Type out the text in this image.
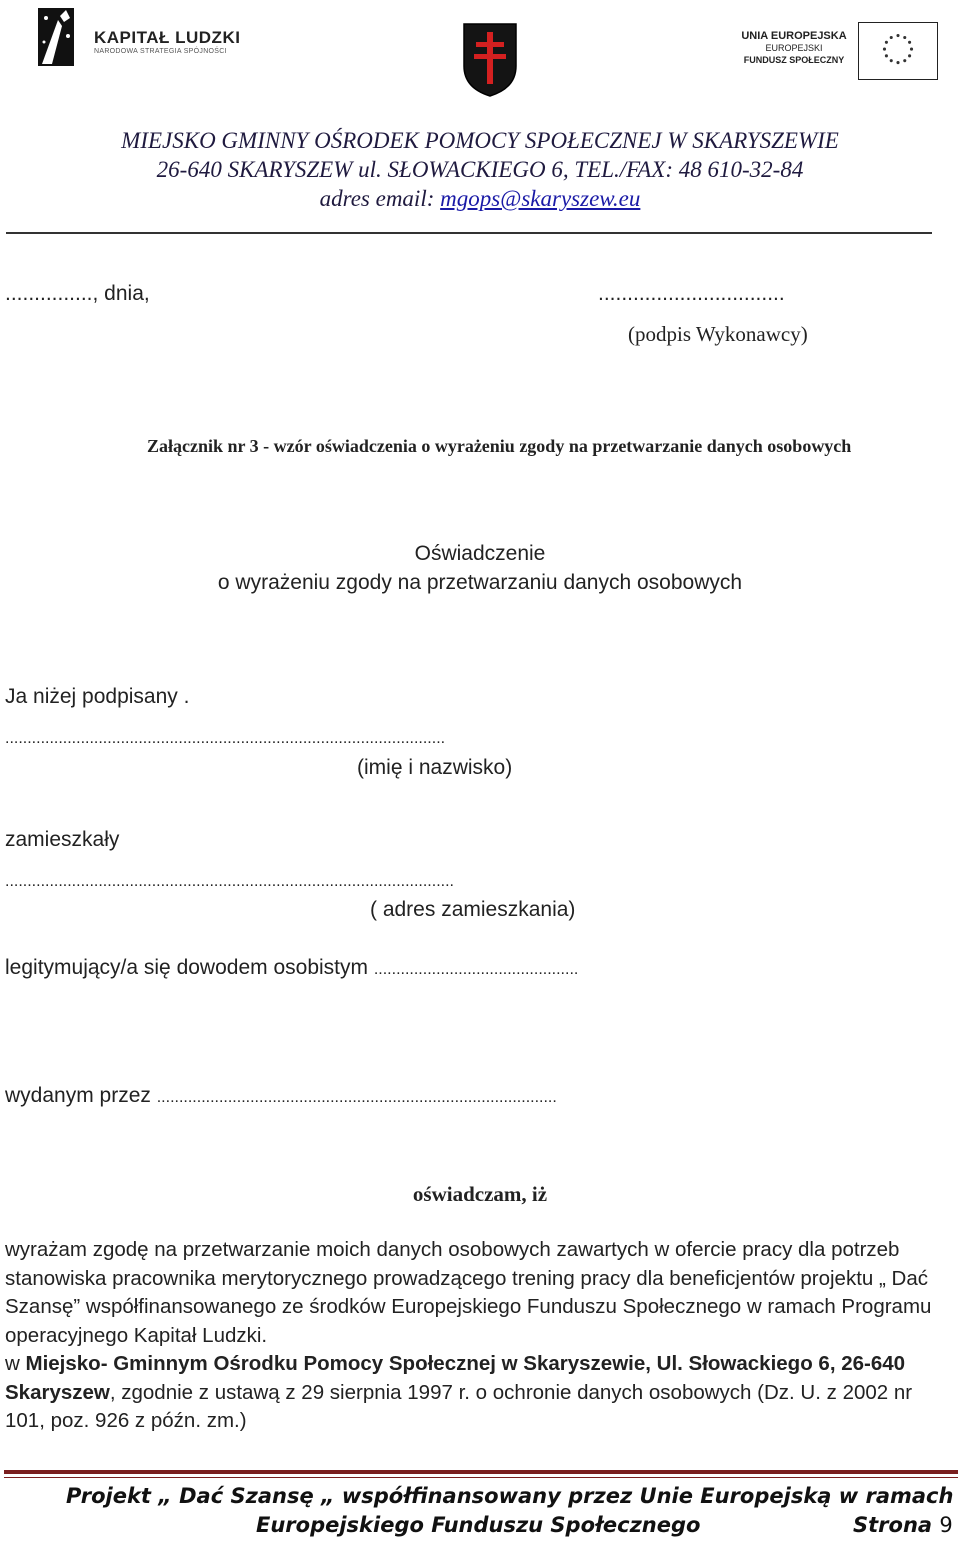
KAPITAŁ LUDZKI
NARODOWA STRATEGIA SPÓJNOŚCI
UNIA EUROPEJSKA
EUROPEJSKI
FUNDUSZ SPOŁECZNY
MIEJSKO GMINNY OŚRODEK POMOCY SPOŁECZNEJ W SKARYSZEWIE
26-640 SKARYSZEW ul. SŁOWACKIEGO 6, TEL./FAX: 48 610-32-84
adres email: mgops@skaryszew.eu
..............., dnia,	................................
(podpis Wykonawcy)
Załącznik nr 3 - wzór oświadczenia o wyrażeniu zgody na przetwarzanie danych osobowych
Oświadczenie
o wyrażeniu zgody na przetwarzaniu danych osobowych
Ja niżej podpisany .
...................................................................................................
(imię i nazwisko)
zamieszkały
.....................................................................................................
( adres zamieszkania)
legitymujący/a się dowodem osobistym ..............................................
wydanym przez ..........................................................................................
oświadczam, iż
wyrażam zgodę na przetwarzanie moich danych osobowych zawartych w ofercie pracy dla potrzeb stanowiska pracownika merytorycznego prowadzącego trening pracy dla beneficjentów projektu „ Dać Szansę” współfinansowanego ze środków Europejskiego Funduszu Społecznego w ramach Programu operacyjnego Kapitał Ludzki.
w Miejsko- Gminnym Ośrodku Pomocy Społecznej w Skaryszewie, Ul. Słowackiego 6, 26-640 Skaryszew, zgodnie z ustawą z 29 sierpnia 1997 r. o ochronie danych osobowych (Dz. U. z 2002 nr 101, poz. 926 z późn. zm.)
Projekt „ Dać Szansę „ współfinansowany przez Unie Europejską w ramach
Europejskiego Funduszu Społecznego	Strona 9
